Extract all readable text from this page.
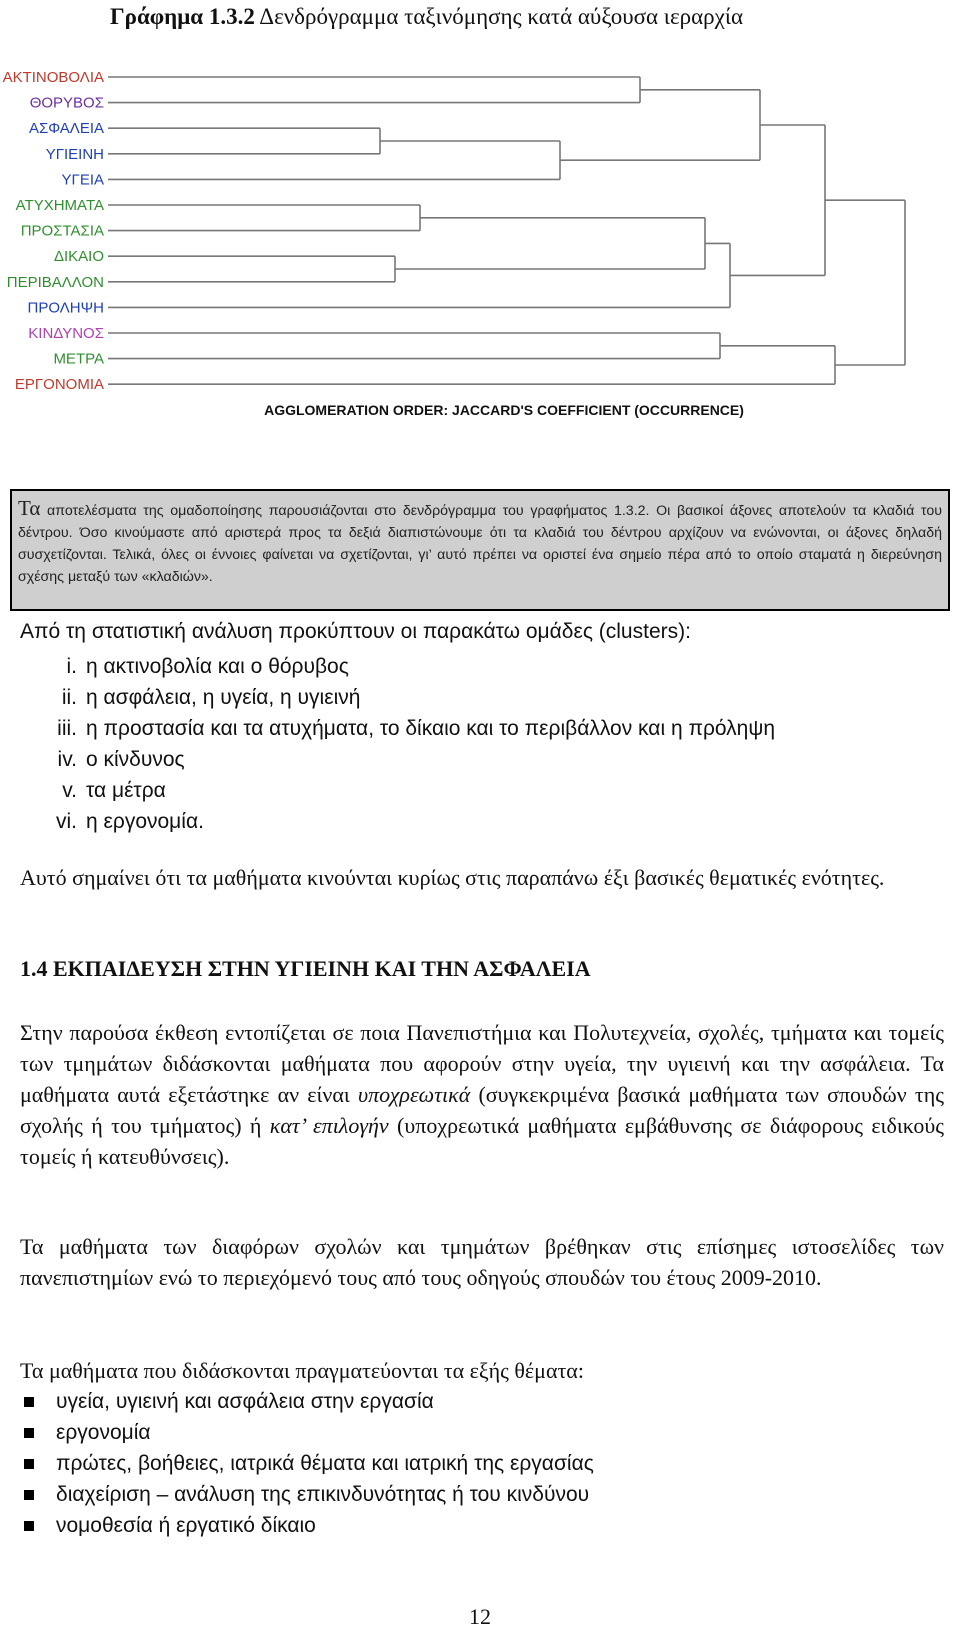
Γράφημα 1.3.2 Δενδρόγραμμα ταξινόμησης κατά αύξουσα ιεραρχία
ΑΚΤΙΝΟΒΟΛΙΑ
ΘΟΡΥΒΟΣ
ΑΣΦΑΛΕΙΑ
ΥΓΙΕΙΝΗ
ΥΓΕΙΑ
ΑΤΥΧΗΜΑΤΑ
ΠΡΟΣΤΑΣΙΑ
ΔΙΚΑΙΟ
ΠΕΡΙΒΑΛΛΟΝ
ΠΡΟΛΗΨΗ
ΚΙΝΔΥΝΟΣ
ΜΕΤΡΑ
ΕΡΓΟΝΟΜΙΑ
AGGLOMERATION ORDER: JACCARD'S COEFFICIENT (OCCURRENCE)
Τα αποτελέσματα της ομαδοποίησης παρουσιάζονται στο δενδρόγραμμα του γραφήματος 1.3.2. Οι βασικοί άξονες αποτελούν τα κλαδιά του δέντρου. Όσο κινούμαστε από αριστερά προς τα δεξιά διαπιστώνουμε ότι τα κλαδιά του δέντρου αρχίζουν να ενώνονται, οι άξονες δηλαδή συσχετίζονται. Τελικά, όλες οι έννοιες φαίνεται να σχετίζονται, γι’ αυτό πρέπει να οριστεί ένα σημείο πέρα από το οποίο σταματά η διερεύνηση σχέσης μεταξύ των «κλαδιών».
Από τη στατιστική ανάλυση προκύπτουν οι παρακάτω ομάδες (clusters):
i. η ακτινοβολία και ο θόρυβος
ii. η ασφάλεια, η υγεία, η υγιεινή
iii. η προστασία και τα ατυχήματα, το δίκαιο και το περιβάλλον και η πρόληψη
iv. ο κίνδυνος
v. τα μέτρα
vi. η εργονομία.
Αυτό σημαίνει ότι τα μαθήματα κινούνται κυρίως στις παραπάνω έξι βασικές θεματικές ενότητες.
1.4 ΕΚΠΑΙΔΕΥΣΗ ΣΤΗΝ ΥΓΙΕΙΝΗ ΚΑΙ ΤΗΝ ΑΣΦΑΛΕΙΑ
Στην παρούσα έκθεση εντοπίζεται σε ποια Πανεπιστήμια και Πολυτεχνεία, σχολές, τμήματα και τομείς των τμημάτων διδάσκονται μαθήματα που αφορούν στην υγεία, την υγιεινή και την ασφάλεια. Τα μαθήματα αυτά εξετάστηκε αν είναι υποχρεωτικά (συγκεκριμένα βασικά μαθήματα των σπουδών της σχολής ή του τμήματος) ή κατ’ επιλογήν (υποχρεωτικά μαθήματα εμβάθυνσης σε διάφορους ειδικούς τομείς ή κατευθύνσεις).
Τα μαθήματα των διαφόρων σχολών και τμημάτων βρέθηκαν στις επίσημες ιστοσελίδες των πανεπιστημίων ενώ το περιεχόμενό τους από τους οδηγούς σπουδών του έτους 2009-2010.
Τα μαθήματα που διδάσκονται πραγματεύονται τα εξής θέματα:
υγεία, υγιεινή και ασφάλεια στην εργασία
εργονομία
πρώτες, βοήθειες, ιατρικά θέματα και ιατρική της εργασίας
διαχείριση – ανάλυση της επικινδυνότητας ή του κινδύνου
νομοθεσία ή εργατικό δίκαιο
12
